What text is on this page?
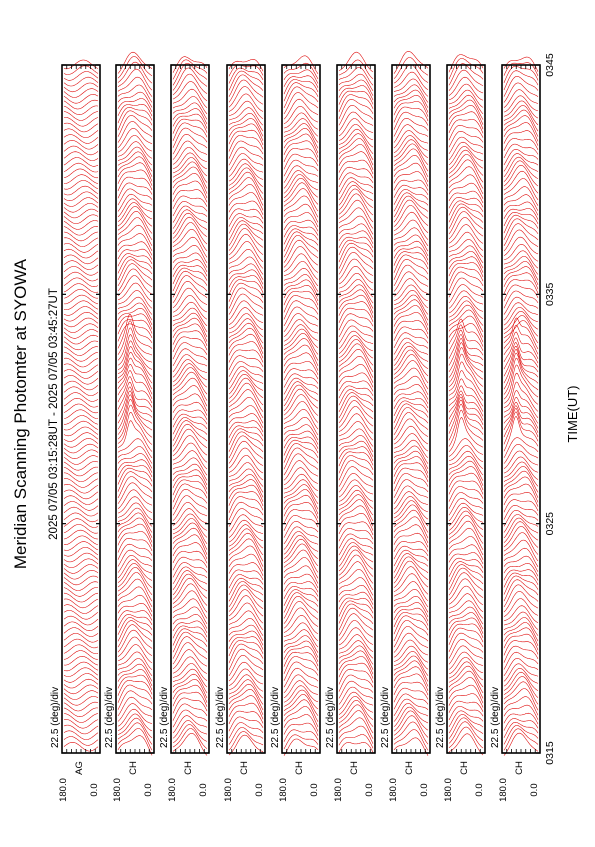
Meridian Scanning Photomter at SYOWA 2025 07/05 03:15:28UT - 2025 07/05 03:45:27UT	TIME(UT)
0315
0325
0335
0345
180.0 0.0
AG
22.5 (deg)/div
180.0 0.0
CH
22.5 (deg)/div
180.0 0.0
CH
22.5 (deg)/div
180.0 0.0
CH
22.5 (deg)/div
180.0 0.0
CH
22.5 (deg)/div
180.0 0.0
CH
22.5 (deg)/div
180.0 0.0
CH
22.5 (deg)/div
180.0 0.0
CH
22.5 (deg)/div
180.0 0.0
CH
22.5 (deg)/div
